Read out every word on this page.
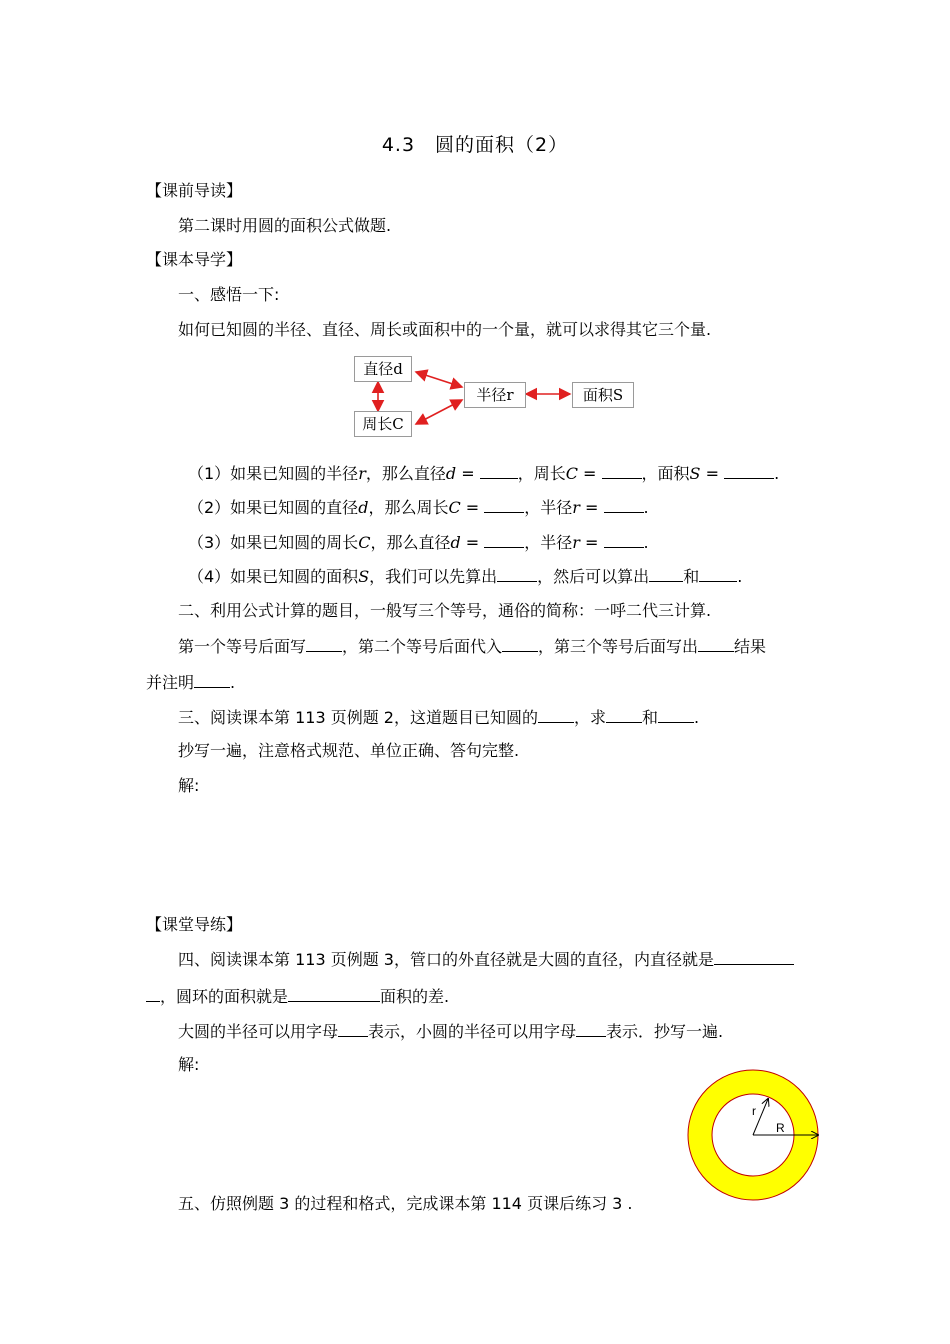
4.3　圆的面积（2）
【课前导读】
第二课时用圆的面积公式做题.
【课本导学】
一、感悟一下:
如何已知圆的半径、直径、周长或面积中的一个量，就可以求得其它三个量.
直径d
周长C
半径r	面积S
（1）如果已知圆的半径r，那么直径d = ，周长C =	，面积S =	.
（2）如果已知圆的直径d，那么周长C =	，半径r =	.
（3）如果已知圆的周长C，那么直径d =	，半径r =	.
（4）如果已知圆的面积S，我们可以先算出	，然后可以算出 和 .
二、利用公式计算的题目，一般写三个等号，通俗的简称：一呼二代三计算.
第一个等号后面写 ，第二个等号后面代入 ，第三个等号后面写出 结果
并注明 .
三、阅读课本第 113 页例题 2，这道题目已知圆的 ，求 和 .
抄写一遍，注意格式规范、单位正确、答句完整.
解:
【课堂导练】
四、阅读课本第 113 页例题 3，管口的外直径就是大圆的直径，内直径就是
，圆环的面积就是	面积的差.
大圆的半径可以用字母 表示，小圆的半径可以用字母 表示．抄写一遍.
解:
r
R
五、仿照例题 3 的过程和格式，完成课本第 114 页课后练习 3 .
